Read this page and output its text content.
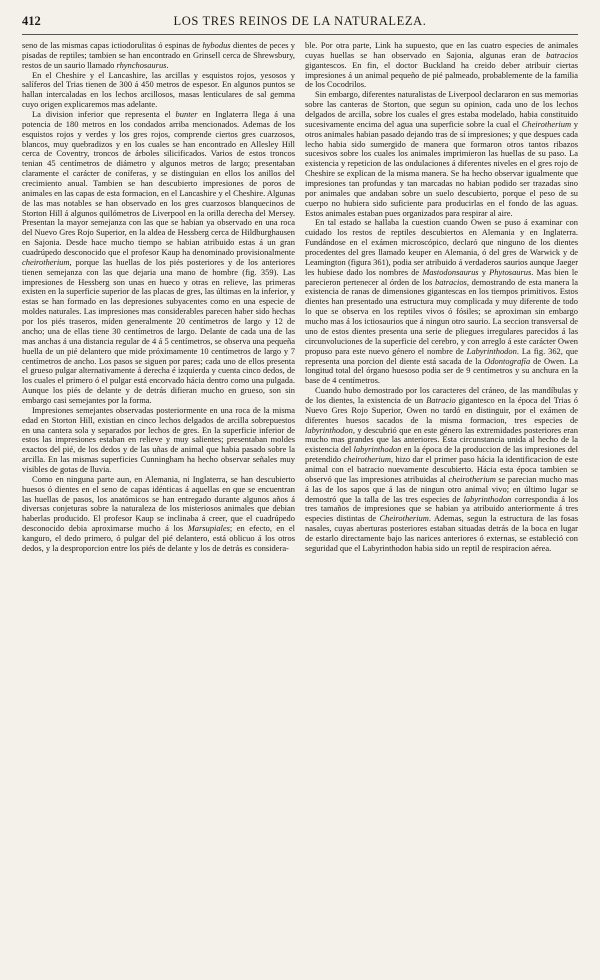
412	LOS TRES REINOS DE LA NATURALEZA.

seno de las mismas capas ictiodorulitas ó espinas de hybodus dientes de peces y pisadas de reptiles; tambien se han encontrado en Grinsell cerca de Shrewsbury, restos de un saurio llamado rhynchosaurus.

En el Cheshire y el Lancashire, las arcillas y esquistos rojos, yesosos y salíferos del Trias tienen de 300 á 450 metros de espesor. En algunos puntos se hallan intercaladas en los lechos arcillosos, masas lenticulares de sal gemma cuyo origen explicaremos mas adelante.

La division inferior que representa el bunter en Inglaterra llega á una potencia de 180 metros en los condados arriba mencionados. Ademas de los esquistos rojos y verdes y los gres rojos, comprende ciertos gres cuarzosos, blancos, muy quebradizos y en los cuales se han encontrado en Allesley Hill cerca de Coventry, troncos de árboles silicificados. Varios de estos troncos tenian 45 centímetros de diámetro y algunos metros de largo; presentaban claramente el carácter de coníferas, y se distinguian en ellos los anillos del crecimiento anual. Tambien se han descubierto impresiones de poros de animales en las capas de esta formacion, en el Lancashire y el Cheshire. Algunas de las mas notables se han observado en los gres cuarzosos blanquecinos de Storton Hill á algunos quilómetros de Liverpool en la orilla derecha del Mersey. Presentan la mayor semejanza con las que se habian ya observado en una roca del Nuevo Gres Rojo Superior, en la aldea de Hessberg cerca de Hildburghausen en Sajonia. Desde hace mucho tiempo se habian atribuido estas á un gran cuadrúpedo desconocido que el profesor Kaup ha denominado provisionalmente cheirotherium, porque las huellas de los piés posteriores y de los anteriores tienen semejanza con las que dejaria una mano de hombre (fig. 359). Las impresiones de Hessberg son unas en hueco y otras en relieve, las primeras existen en la superficie superior de las placas de gres, las últimas en la inferior, y estas se han formado en las depresiones subyacentes como en una especie de moldes naturales. Las impresiones mas considerables parecen haber sido hechas por los piés traseros, miden generalmente 20 centímetros de largo y 12 de ancho; una de ellas tiene 30 centímetros de largo. Delante de cada una de las mas anchas á una distancia regular de 4 á 5 centímetros, se observa una pequeña huella de un pié delantero que mide próximamente 10 centímetros de largo y 7 centímetros de ancho. Los pasos se siguen por pares; cada uno de ellos presenta el grueso pulgar alternativamente á derecha é izquierda y cuenta cinco dedos, de los cuales el primero ó el pulgar está encorvado hácia dentro como una pulgada. Aunque los piés de delante y de detrás difieran mucho en grueso, son sin embargo casi semejantes por la forma.

Impresiones semejantes observadas posteriormente en una roca de la misma edad en Storton Hill, existian en cinco lechos delgados de arcilla sobrepuestos en una cantera sola y separados por lechos de gres. En la superficie inferior de estos las impresiones estaban en relieve y muy salientes; presentaban moldes exactos del pié, de los dedos y de las uñas de animal que habia pasado sobre la arcilla. En las mismas superficies Cunningham ha hecho observar señales muy visibles de gotas de lluvia.

Como en ninguna parte aun, en Alemania, ni Inglaterra, se han descubierto huesos ó dientes en el seno de capas idénticas á aquellas en que se encuentran las huellas de pasos, los anatómicos se han entregado durante algunos años á diversas conjeturas sobre la naturaleza de los misteriosos animales que debian haberlas producido. El profesor Kaup se inclinaba á creer, que el cuadrúpedo desconocido debia aproximarse mucho á los Marsupiales; en efecto, en el kanguro, el dedo primero, ó pulgar del pié delantero, está oblicuo á los otros dedos, y la desproporcion entre los piés de delante y los de detrás es considera-

ble. Por otra parte, Link ha supuesto, que en las cuatro especies de animales cuyas huellas se han observado en Sajonia, algunas eran de batracios gigantescos. En fin, el doctor Buckland ha creido deber atribuir ciertas impresiones á un animal pequeño de pié palmeado, probablemente de la familia de los Cocodrilos.

Sin embargo, diferentes naturalistas de Liverpool declararon en sus memorias sobre las canteras de Storton, que segun su opinion, cada uno de los lechos delgados de arcilla, sobre los cuales el gres estaba modelado, habia constituido sucesivamente encima del agua una superficie sobre la cual el Cheirotherium y otros animales habian pasado dejando tras de sí impresiones; y que despues cada lecho habia sido sumergido de manera que formaron otros tantos ribazos sucesivos sobre los cuales los animales imprimieron las huellas de su paso. La existencia y repeticion de las ondulaciones á diferentes niveles en el gres rojo de Cheshire se explican de la misma manera. Se ha hecho observar igualmente que impresiones tan profundas y tan marcadas no habian podido ser trazadas sino por animales que andaban sobre un suelo descubierto, porque el peso de su cuerpo no hubiera sido suficiente para producirlas en el fondo de las aguas. Estos animales estaban pues organizados para respirar al aire.

En tal estado se hallaba la cuestion cuando Owen se puso á examinar con cuidado los restos de reptiles descubiertos en Alemania y en Inglaterra. Fundándose en el exámen microscópico, declaró que ninguno de los dientes procedentes del gres llamado keuper en Alemania, ó del gres de Warwick y de Leamington (figura 361), podia ser atribuido á verdaderos saurios aunque Jaeger les hubiese dado los nombres de Mastodonsaurus y Phytosaurus. Mas bien le parecieron pertenecer al órden de los batracios, demostrando de esta manera la existencia de ranas de dimensiones gigantescas en los tiempos primitivos. Estos dientes han presentado una estructura muy complicada y muy diferente de todo lo que se observa en los reptiles vivos ó fósiles; se aproximan sin embargo mucho mas á los ictiosaurios que á ningun otro saurio. La seccion transversal de uno de estos dientes presenta una serie de pliegues irregulares parecidos á las circunvoluciones de la superficie del cerebro, y con arreglo á este carácter Owen propuso para este nuevo género el nombre de Labyrinthodon. La fig. 362, que representa una porcion del diente está sacada de la Odontografía de Owen. La longitud total del órgano huesoso podia ser de 9 centímetros y su anchura en la base de 4 centímetros.

Cuando hubo demostrado por los caracteres del cráneo, de las mandíbulas y de los dientes, la existencia de un Batracio gigantesco en la época del Trias ó Nuevo Gres Rojo Superior, Owen no tardó en distinguir, por el exámen de diferentes huesos sacados de la misma formacion, tres especies de labyrinthodon, y descubrió que en este género las extremidades posteriores eran mucho mas grandes que las anteriores. Esta circunstancia unida al hecho de la existencia del labyrinthodon en la época de la produccion de las impresiones del pretendido cheirotherium, hizo dar el primer paso hácia la identificacion de este animal con el batracio nuevamente descubierto. Hácia esta época tambien se observó que las impresiones atribuidas al cheirotherium se parecian mucho mas á las de los sapos que á las de ningun otro animal vivo; en último lugar se demostró que la talla de las tres especies de labyrinthodon correspondia á los tres tamaños de impresiones que se habian ya atribuido anteriormente á tres especies distintas de Cheirotherium. Ademas, segun la estructura de las fosas nasales, cuyas aberturas posteriores estaban situadas detrás de la boca en lugar de estarlo directamente bajo las narices anteriores ó externas, se estableció con seguridad que el Labyrinthodon habia sido un reptil de respiracion aérea.
